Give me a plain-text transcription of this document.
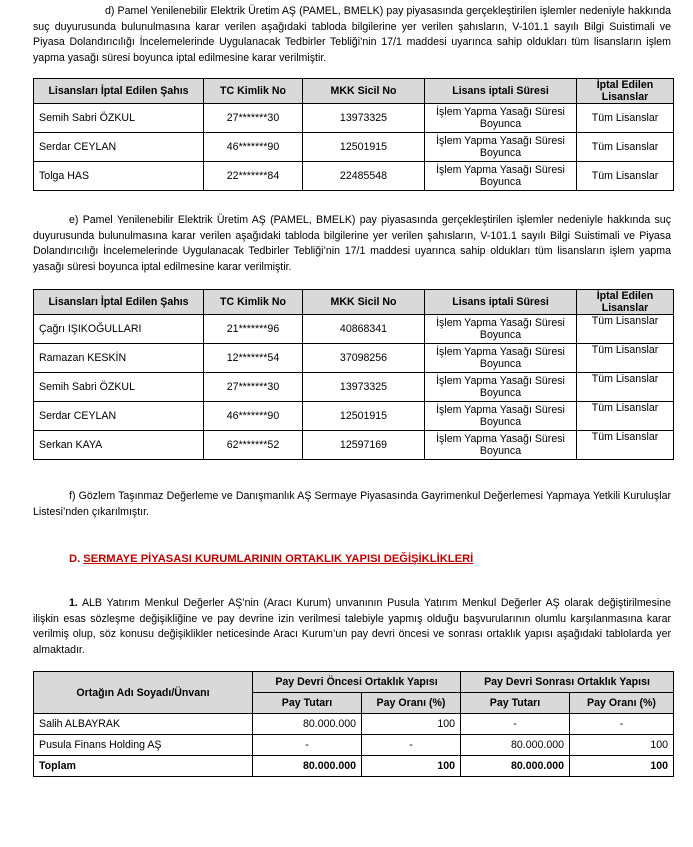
d) Pamel Yenilenebilir Elektrik Üretim AŞ (PAMEL, BMELK) pay piyasasında gerçekleştirilen işlemler nedeniyle hakkında suç duyurusunda bulunulmasına karar verilen aşağıdaki tabloda bilgilerine yer verilen şahısların, V-101.1 sayılı Bilgi Suistimali ve Piyasa Dolandırıcılığı İncelemelerinde Uygulanacak Tedbirler Tebliği’nin 17/1 maddesi uyarınca sahip oldukları tüm lisansların işlem yapma yasağı süresi boyunca iptal edilmesine karar verilmiştir.
Lisansları İptal Edilen Şahıs	TC Kimlik No	MKK Sicil No	Lisans iptali Süresi	İptal Edilen Lisanslar
Semih Sabri ÖZKUL	27*******30	13973325	İşlem Yapma Yasağı Süresi Boyunca	Tüm Lisanslar
Serdar CEYLAN	46*******90	12501915	İşlem Yapma Yasağı Süresi Boyunca	Tüm Lisanslar
Tolga HAS	22*******84	22485548	İşlem Yapma Yasağı Süresi Boyunca	Tüm Lisanslar
e) Pamel Yenilenebilir Elektrik Üretim AŞ (PAMEL, BMELK) pay piyasasında gerçekleştirilen işlemler nedeniyle hakkında suç duyurusunda bulunulmasına karar verilen aşağıdaki tabloda bilgilerine yer verilen şahısların, V-101.1 sayılı Bilgi Suistimali ve Piyasa Dolandırıcılığı İncelemelerinde Uygulanacak Tedbirler Tebliği’nin 17/1 maddesi uyarınca sahip oldukları tüm lisansların işlem yapma yasağı süresi boyunca iptal edilmesine karar verilmiştir.
Lisansları İptal Edilen Şahıs	TC Kimlik No	MKK Sicil No	Lisans iptali Süresi	İptal Edilen Lisanslar
Çağrı IŞIKOĞULLARI	21*******96	40868341	İşlem Yapma Yasağı Süresi Boyunca	Tüm Lisanslar
Ramazan KESKİN	12*******54	37098256	İşlem Yapma Yasağı Süresi Boyunca	Tüm Lisanslar
Semih Sabri ÖZKUL	27*******30	13973325	İşlem Yapma Yasağı Süresi Boyunca	Tüm Lisanslar
Serdar CEYLAN	46*******90	12501915	İşlem Yapma Yasağı Süresi Boyunca	Tüm Lisanslar
Serkan KAYA	62*******52	12597169	İşlem Yapma Yasağı Süresi Boyunca	Tüm Lisanslar
f) Gözlem Taşınmaz Değerleme ve Danışmanlık AŞ Sermaye Piyasasında Gayrimenkul Değerlemesi Yapmaya Yetkili Kuruluşlar Listesi’nden çıkarılmıştır.
D. SERMAYE PİYASASI KURUMLARININ ORTAKLIK YAPISI DEĞİŞİKLİKLERİ
1. ALB Yatırım Menkul Değerler AŞ’nin (Aracı Kurum) unvanının Pusula Yatırım Menkul Değerler AŞ olarak değiştirilmesine ilişkin esas sözleşme değişikliğine ve pay devrine izin verilmesi talebiyle yapmış olduğu başvurularının olumlu karşılanmasına karar verilmiş olup, söz konusu değişiklikler neticesinde Aracı Kurum’un pay devri öncesi ve sonrası ortaklık yapısı aşağıdaki tablolarda yer almaktadır.
Ortağın Adı Soyadı/Ünvanı	Pay Devri Öncesi Ortaklık Yapısı		Pay Devri Sonrası Ortaklık Yapısı	
	Pay Tutarı	Pay Oranı (%)	Pay Tutarı	Pay Oranı (%)
Salih ALBAYRAK	80.000.000	100	-	-
Pusula Finans Holding AŞ	-	-	80.000.000	100
Toplam	80.000.000	100	80.000.000	100
